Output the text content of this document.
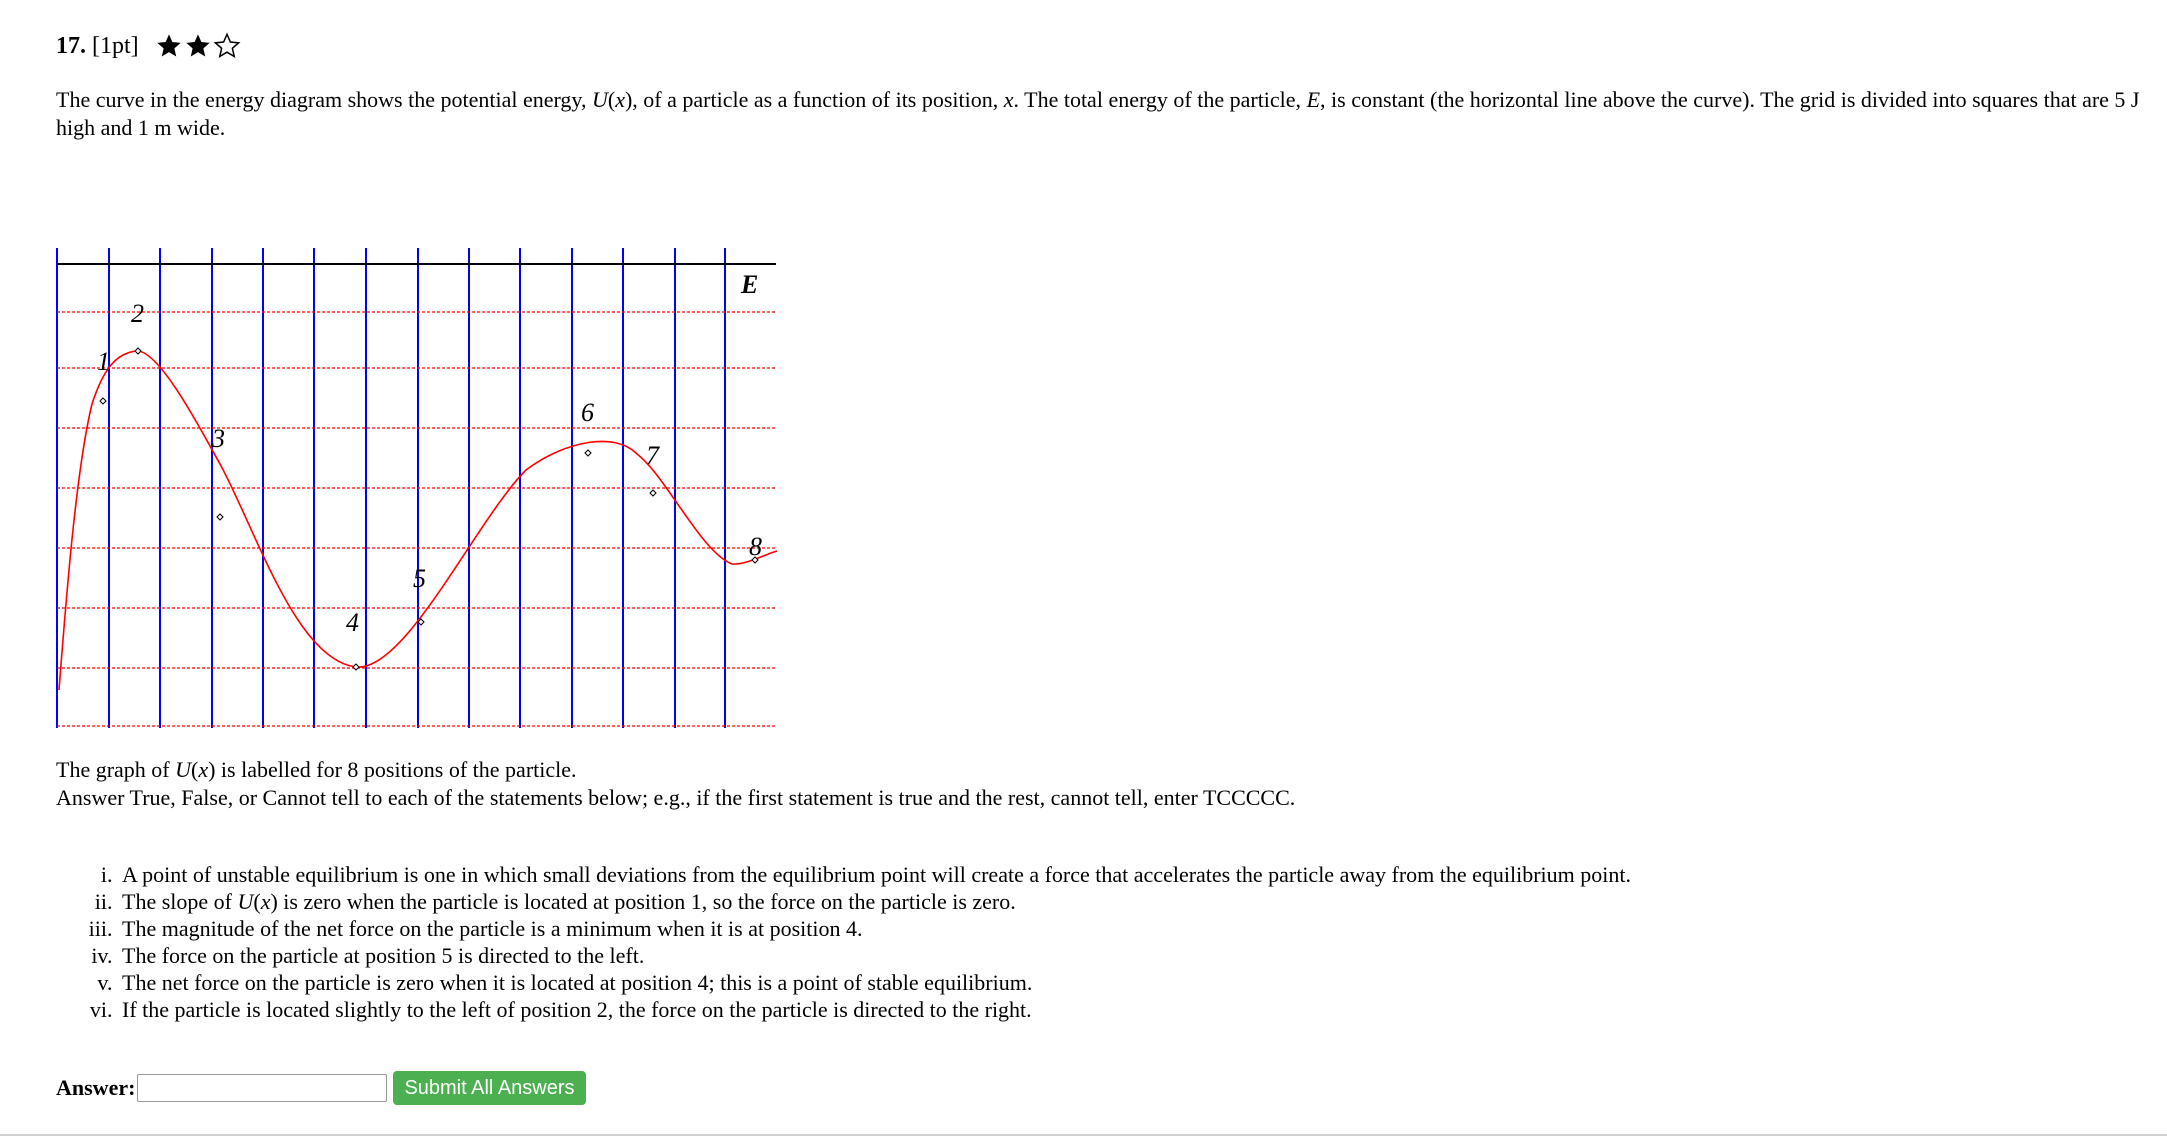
17. [1pt]
The curve in the energy diagram shows the potential energy, U(x), of a particle as a function of its position, x. The total energy of the particle, E, is constant (the horizontal line above the curve). The grid is divided into squares that are 5 J high and 1 m wide.
E
1
2
3
4
5
6
7
8
The graph of U(x) is labelled for 8 positions of the particle.
Answer True, False, or Cannot tell to each of the statements below; e.g., if the first statement is true and the rest, cannot tell, enter TCCCCC.
i. A point of unstable equilibrium is one in which small deviations from the equilibrium point will create a force that accelerates the particle away from the equilibrium point.
ii. The slope of U(x) is zero when the particle is located at position 1, so the force on the particle is zero.
iii. The magnitude of the net force on the particle is a minimum when it is at position 4.
iv. The force on the particle at position 5 is directed to the left.
v. The net force on the particle is zero when it is located at position 4; this is a point of stable equilibrium.
vi. If the particle is located slightly to the left of position 2, the force on the particle is directed to the right.
Answer:	Submit All Answers
